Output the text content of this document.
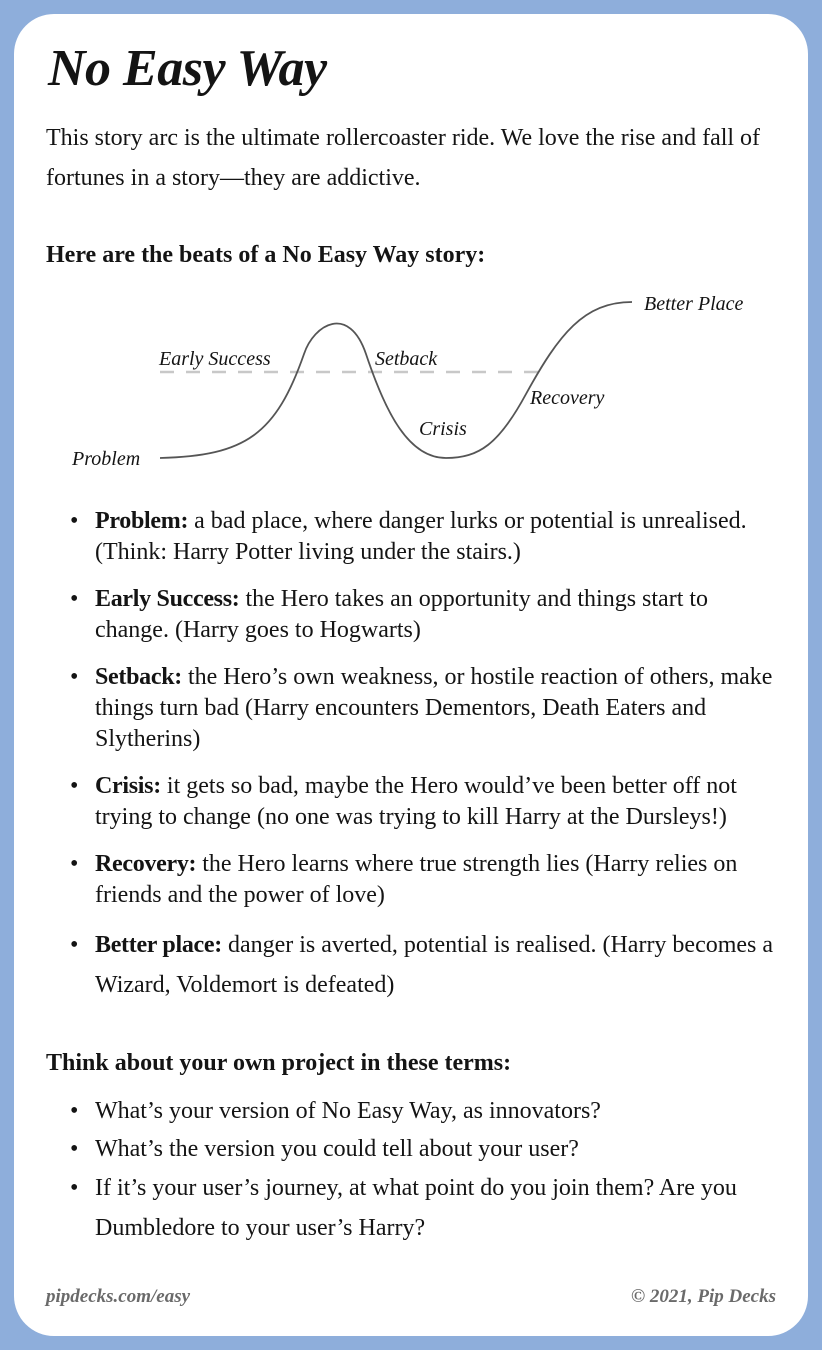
No Easy Way

This story arc is the ultimate rollercoaster ride. We love the rise and fall of fortunes in a story—they are addictive.

Here are the beats of a No Easy Way story:
Problem
Early Success	Setback
Crisis
Recovery
Better Place
• Problem: a bad place, where danger lurks or potential is unrealised. (Think: Harry Potter living under the stairs.)
• Early Success: the Hero takes an opportunity and things start to change. (Harry goes to Hogwarts)
• Setback: the Hero’s own weakness, or hostile reaction of others, make things turn bad (Harry encounters Dementors, Death Eaters and Slytherins)
• Crisis: it gets so bad, maybe the Hero would’ve been better off not trying to change (no one was trying to kill Harry at the Dursleys!)
• Recovery: the Hero learns where true strength lies (Harry relies on friends and the power of love)
• Better place: danger is averted, potential is realised. (Harry becomes a Wizard, Voldemort is defeated)
Think about your own project in these terms:
• What’s your version of No Easy Way, as innovators?
• What’s the version you could tell about your user?
• If it’s your user’s journey, at what point do you join them? Are you Dumbledore to your user’s Harry?

pipdecks.com/easy	© 2021, Pip Decks
